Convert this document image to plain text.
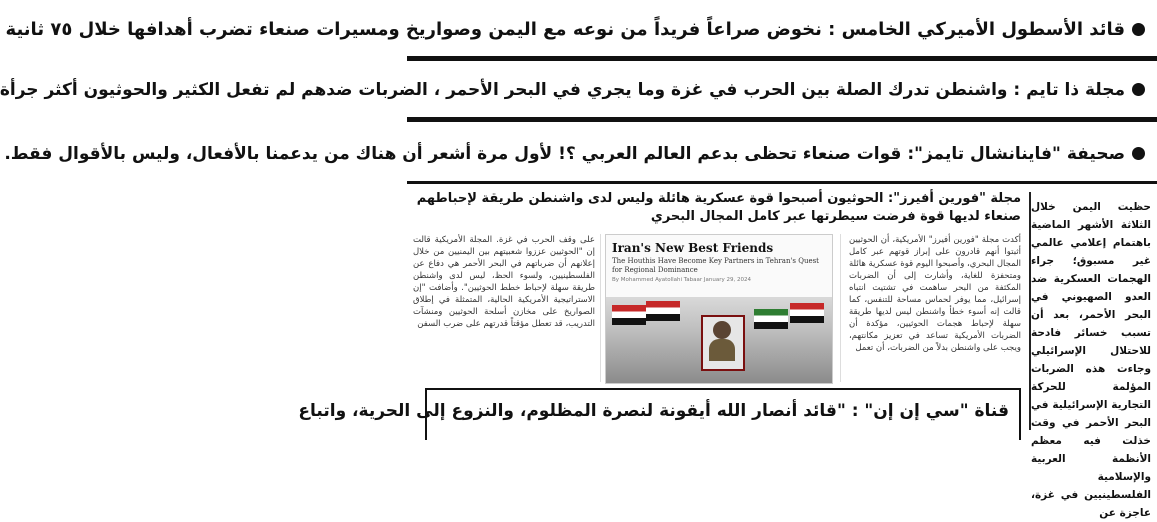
قائد الأسطول الأميركي الخامس : نخوض صراعاً فريداً من نوعه مع اليمن وصواريخ ومسيرات صنعاء تضرب أهدافها خلال ٧٥ ثانية
مجلة ذا تايم : واشنطن تدرك الصلة بين الحرب في غزة وما يجري في البحر الأحمر ، الضربات ضدهم لم تفعل الكثير والحوثيون أكثر جرأة
صحيفة "فاينانشال تايمز": قوات صنعاء تحظى بدعم العالم العربي ؟! لأول مرة أشعر أن هناك من يدعمنا بالأفعال، وليس بالأقوال فقط.

حظيت اليمن خلال الثلاثة الأشهر الماضية باهتمام إعلامي عالمي غير مسبوق؛ جراء الهجمات العسكرية ضد العدو الصهيوني في البحر الأحمر، بعد أن تسبب خسائر فادحة للاحتلال الإسرائيلي وجاءت هذه الضربات المؤلمة للحركة التجارية الإسرائيلية في البحر الأحمر في وقت خذلت فيه معظم الأنظمة العربية والإسلامية الفلسطينيين في غزة، عاجزة عن

مجلة "فورين أفيرز": الحوثيون أصبحوا قوة عسكرية هائلة وليس لدى واشنطن طريقة لإحباطهم صنعاء لديها قوة فرضت سيطرتها عبر كامل المجال البحري
أكدت مجلة "فورين أفيرز" الأمريكية، أن الحوثيين أثبتوا أنهم قادرون على إبراز قوتهم عبر كامل المجال البحري، وأصبحوا اليوم قوة عسكرية هائلة ومتحفزة للغاية، وأشارت إلى أن الضربات المكثفة من البحر ساهمت في تشتيت انتباه إسرائيل، مما يوفر لحماس مساحة للتنفس، كما قالت إنه أسوء خطأ واشنطن ليس لديها طريقة سهلة لإحباط هجمات الحوثيين، مؤكدة أن الضربات الأمريكية تساعد في تعزيز مكانتهم، ويجب على واشنطن بدلاً من الضربات، أن تعمل

Iran's New Best Friends

The Houthis Have Become Key Partners in Tehran's Quest for Regional Dominance

By Mohammed Ayatollahi Tabaar January 29, 2024

على وقف الحرب في غزة. المجلة الأمريكية قالت إن "الحوثيين عززوا شعبيتهم بين اليمنيين من خلال إعلانهم أن ضرباتهم في البحر الأحمر هي دفاع عن الفلسطينيين، ولسوء الحظ، ليس لدى واشنطن طريقة سهلة لإحباط خطط الحوثيين". وأضافت "إن الاستراتيجية الأمريكية الحالية، المتمثلة في إطلاق الصواريخ على مخازن أسلحة الحوثيين ومنشآت التدريب، قد تعطل مؤقتاً قدرتهم على ضرب السفن
قناة "سي إن إن" : "قائد أنصار الله أيقونة لنصرة المظلوم، والنزوع إلى الحرية، واتباع
